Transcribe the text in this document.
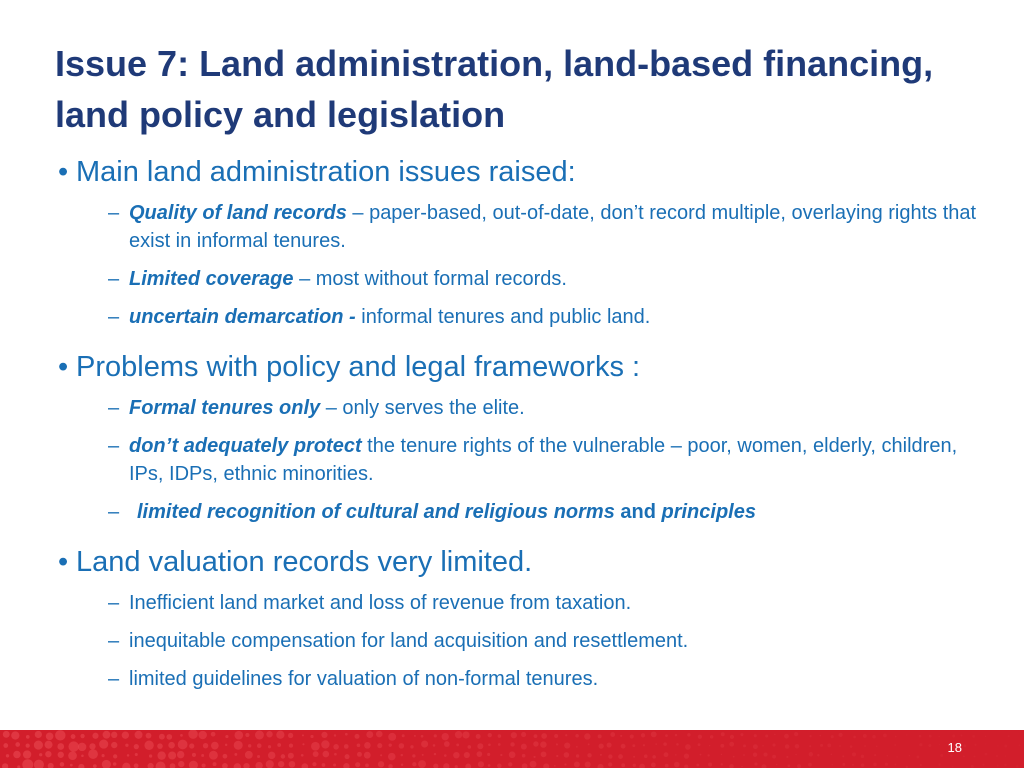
Issue 7: Land administration, land-based financing, land policy and legislation
• Main land administration issues raised:
– Quality of land records – paper-based, out-of-date, don’t record multiple, overlaying rights that exist in informal tenures.
– Limited coverage – most without formal records.
– uncertain demarcation - informal tenures and public land.
• Problems with policy and legal frameworks :
– Formal tenures only – only serves the elite.
– don’t adequately protect the tenure rights of the vulnerable – poor, women, elderly, children, IPs, IDPs, ethnic minorities.
– limited recognition of cultural and religious norms and principles
• Land valuation records very limited.
– Inefficient land market and loss of revenue from taxation.
– inequitable compensation for land acquisition and resettlement.
– limited guidelines for valuation of non-formal tenures.
18
